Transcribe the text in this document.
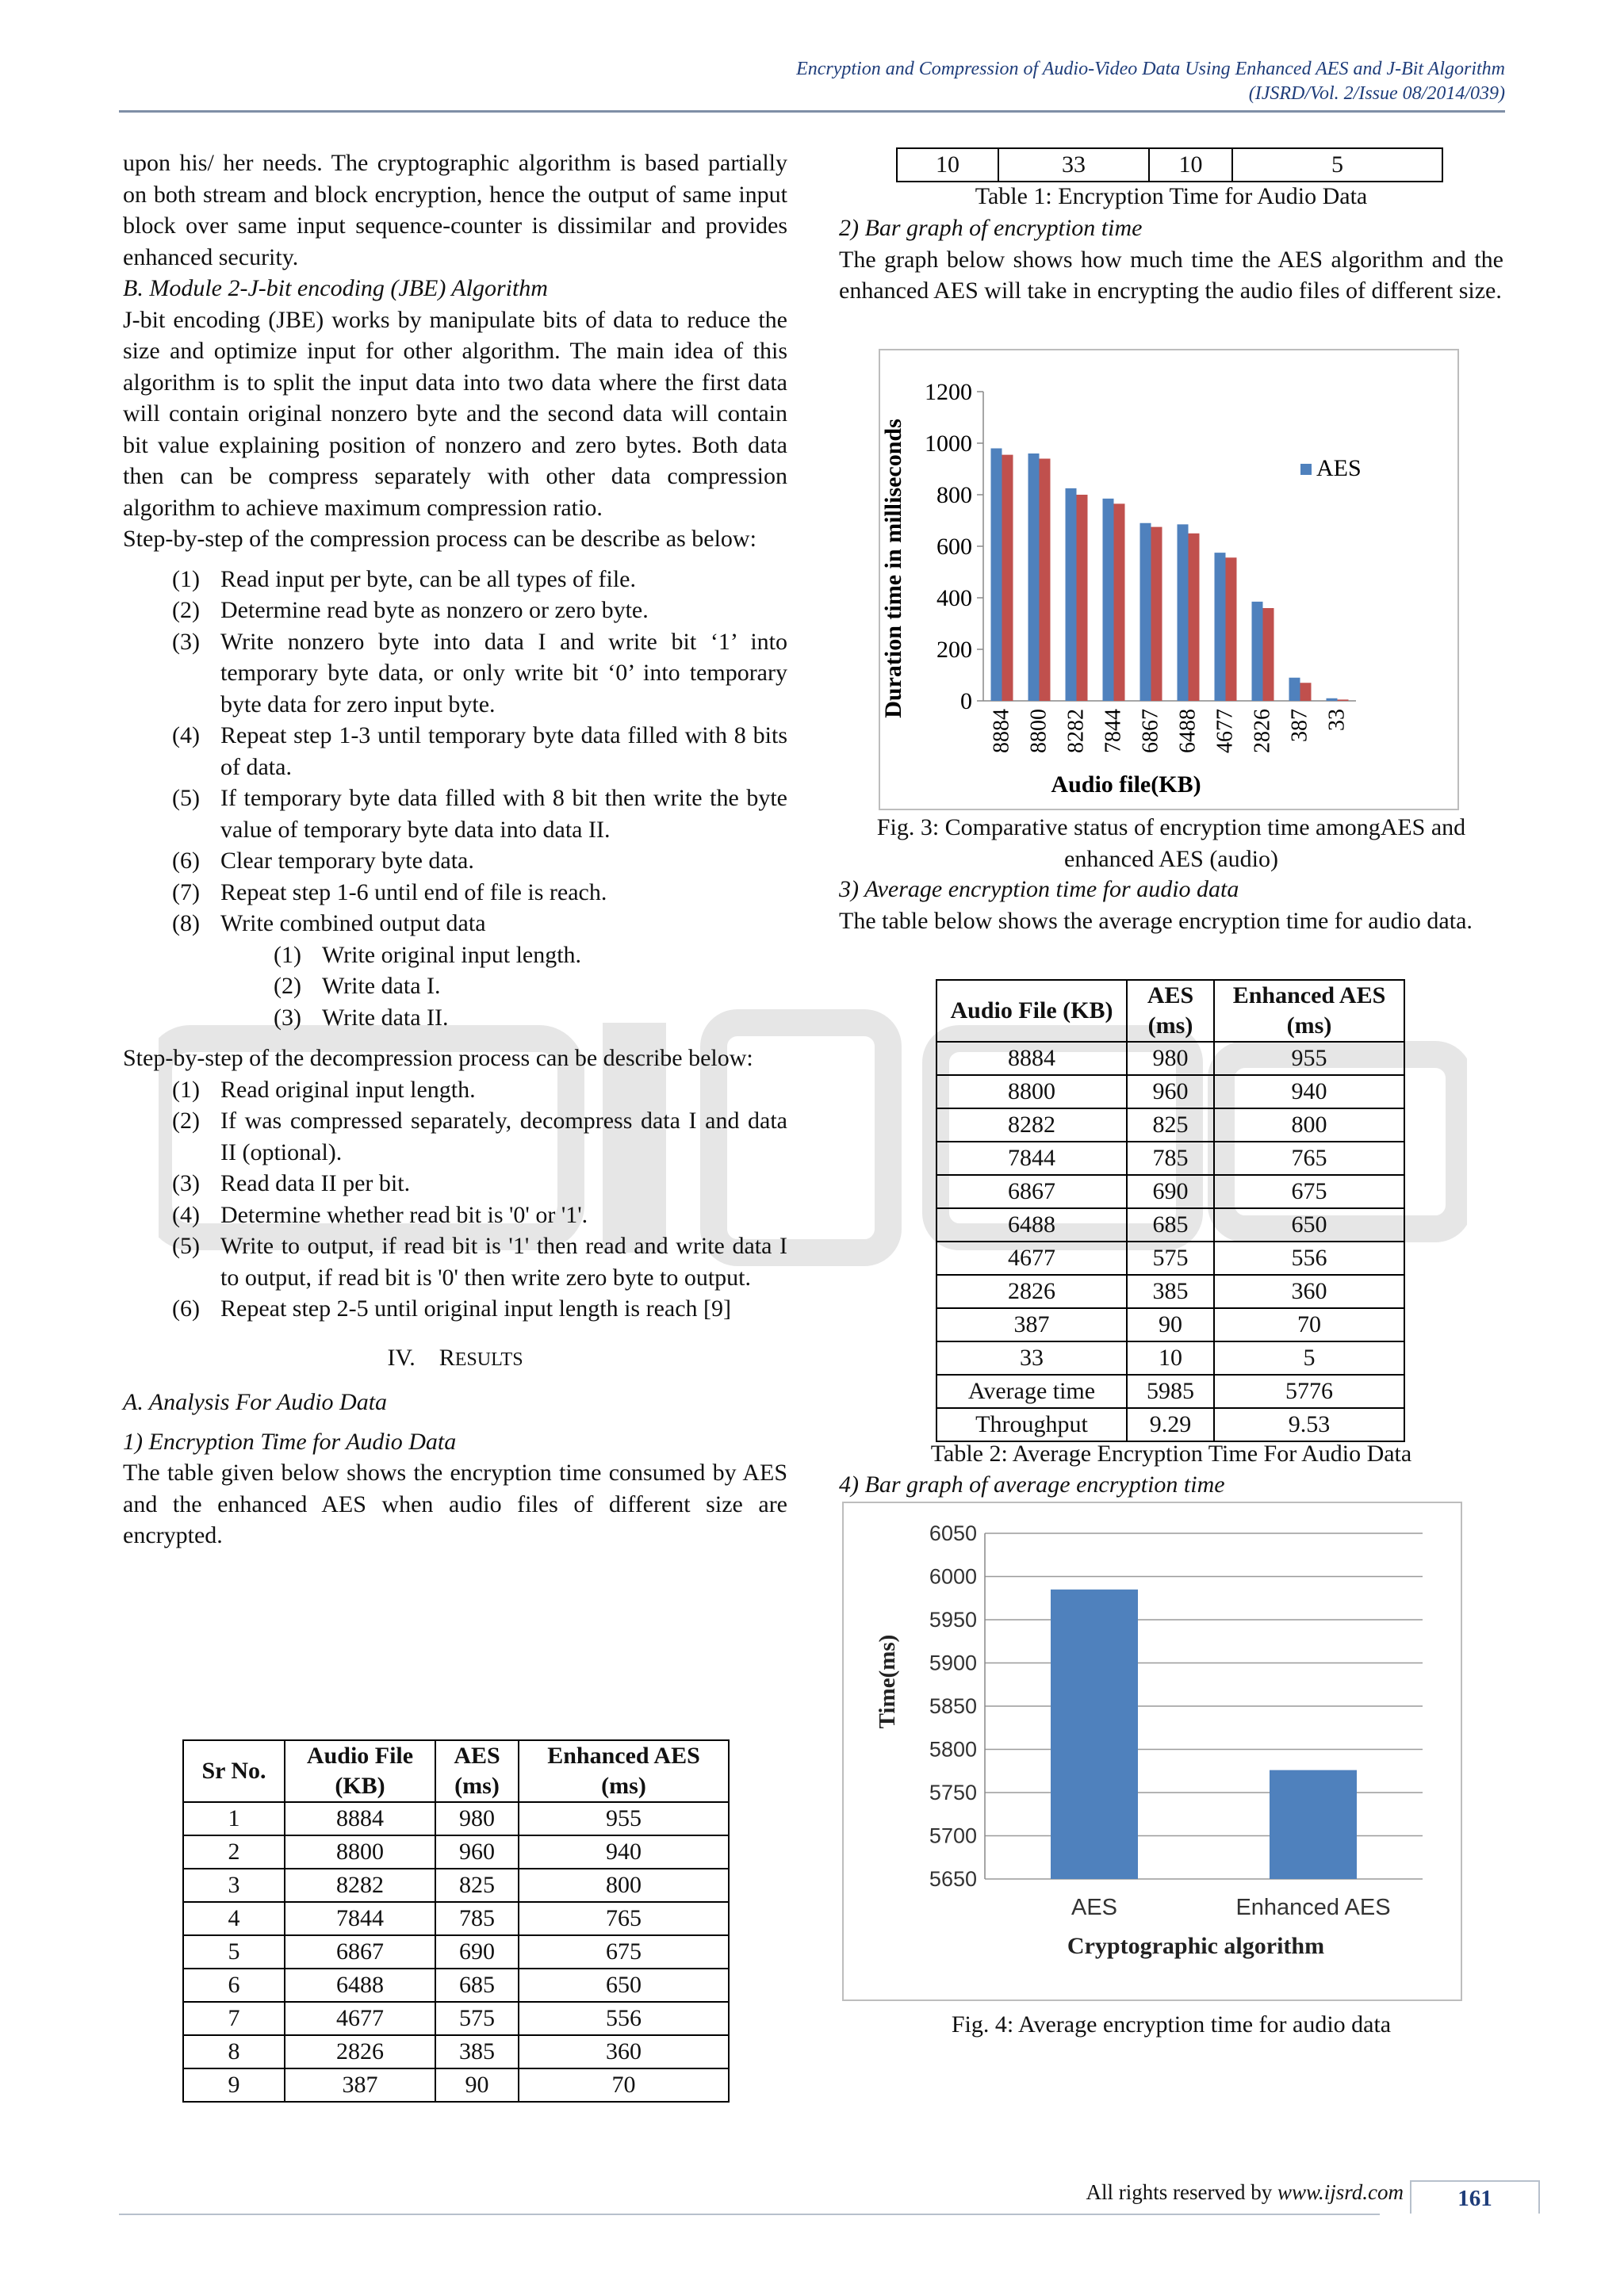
Encryption and Compression of Audio-Video Data Using Enhanced AES and J-Bit Algorithm
(IJSRD/Vol. 2/Issue 08/2014/039)

upon his/ her needs. The cryptographic algorithm is based partially on both stream and block encryption, hence the output of same input block over same input sequence-counter is dissimilar and provides enhanced security.

B. Module 2-J-bit encoding (JBE) Algorithm

J-bit encoding (JBE) works by manipulate bits of data to reduce the size and optimize input for other algorithm. The main idea of this algorithm is to split the input data into two data where the first data will contain original nonzero byte and the second data will contain bit value explaining position of nonzero and zero bytes. Both data then can be compress separately with other data compression algorithm to achieve maximum compression ratio.

Step-by-step of the compression process can be describe as below:

(1) Read input per byte, can be all types of file.
(2) Determine read byte as nonzero or zero byte.
(3) Write nonzero byte into data I and write bit ‘1’ into temporary byte data, or only write bit ‘0’ into temporary byte data for zero input byte.
(4) Repeat step 1-3 until temporary byte data filled with 8 bits of data.
(5) If temporary byte data filled with 8 bit then write the byte value of temporary byte data into data II.
(6) Clear temporary byte data.
(7) Repeat step 1-6 until end of file is reach.
(8) Write combined output data
(1) Write original input length.
(2) Write data I.
(3) Write data II.

Step-by-step of the decompression process can be describe below:

(1) Read original input length.
(2) If was compressed separately, decompress data I and data II (optional).
(3) Read data II per bit.
(4) Determine whether read bit is '0' or '1'.
(5) Write to output, if read bit is '1' then read and write data I to output, if read bit is '0' then write zero byte to output.
(6) Repeat step 2-5 until original input length is reach [9]

IV. RESULTS

A. Analysis For Audio Data

1) Encryption Time for Audio Data

The table given below shows the encryption time consumed by AES and the enhanced AES when audio files of different size are encrypted.

Sr No.	Audio File (KB)	AES (ms)	Enhanced AES (ms)
1	8884	980	955
2	8800	960	940
3	8282	825	800
4	7844	785	765
5	6867	690	675
6	6488	685	650
7	4677	575	556
8	2826	385	360
9	387	90	70
10	33	10	5
Table 1: Encryption Time for Audio Data

2) Bar graph of encryption time

The graph below shows how much time the AES algorithm and the enhanced AES will take in encrypting the audio files of different size.

0
200
400
600
800
1000
1200
8884 8800 8282 7844 6867 6488 4677 2826 387 33
AES
Audio file(KB)
Duration time in milliseconds
Fig. 3: Comparative status of encryption time amongAES and enhanced AES (audio)

3) Average encryption time for audio data

The table below shows the average encryption time for audio data.

Audio File (KB)	AES (ms)	Enhanced AES (ms)
8884	980	955
8800	960	940
8282	825	800
7844	785	765
6867	690	675
6488	685	650
4677	575	556
2826	385	360
387	90	70
33	10	5
Average time	5985	5776
Throughput	9.29	9.53
Table 2: Average Encryption Time For Audio Data
4) Bar graph of average encryption time
5650
5700
5750
5800
5850
5900
5950
6000
6050
AES	Enhanced AES
Cryptographic algorithm
Time(ms)
Fig. 4: Average encryption time for audio data
All rights reserved by www.ijsrd.com	161
